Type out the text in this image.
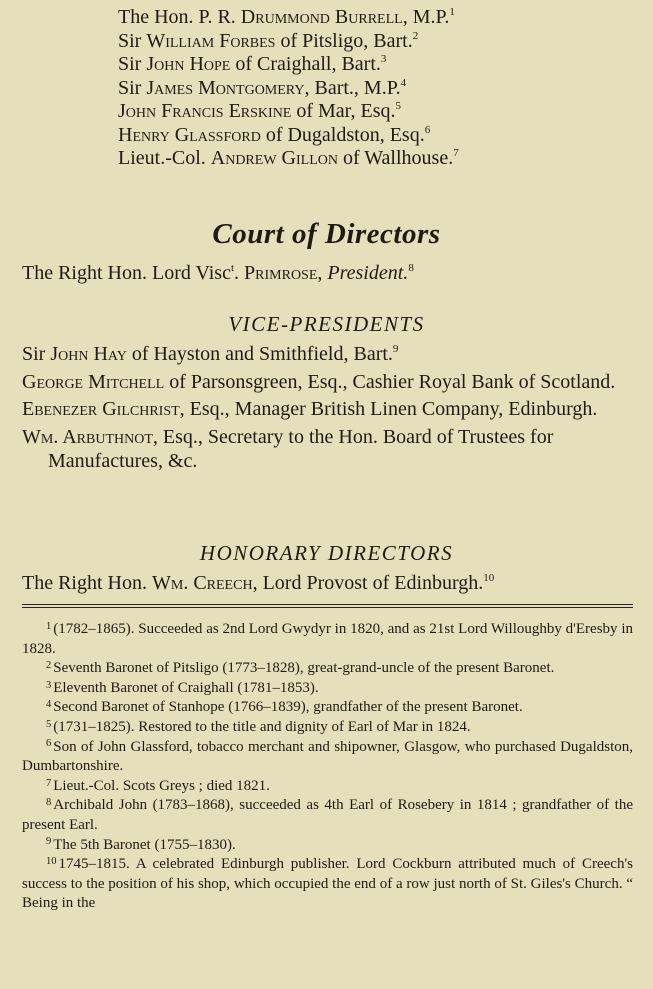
The Hon. P. R. Drummond Burrell, M.P.$^1$
Sir William Forbes of Pitsligo, Bart.$^2$
Sir John Hope of Craighall, Bart.$^3$
Sir James Montgomery, Bart., M.P.$^4$
John Francis Erskine of Mar, Esq.$^5$
Henry Glassford of Dugaldston, Esq.$^6$
Lieut.-Col. Andrew Gillon of Wallhouse.$^7$
Court of Directors
The Right Hon. Lord Visc$^t$. Primrose, President.$^8$
VICE-PRESIDENTS
Sir John Hay of Hayston and Smithfield, Bart.$^9$
George Mitchell of Parsonsgreen, Esq., Cashier Royal Bank of Scotland.
Ebenezer Gilchrist, Esq., Manager British Linen Company, Edinburgh.
Wm. Arbuthnot, Esq., Secretary to the Hon. Board of Trustees for Manufactures, &c.
HONORARY DIRECTORS
The Right Hon. Wm. Creech, Lord Provost of Edinburgh.$^{10}$
$^1$ (1782–1865). Succeeded as 2nd Lord Gwydyr in 1820, and as 21st Lord Willoughby d'Eresby in 1828.
$^2$ Seventh Baronet of Pitsligo (1773–1828), great-grand-uncle of the present Baronet.
$^3$ Eleventh Baronet of Craighall (1781–1853).
$^4$ Second Baronet of Stanhope (1766–1839), grandfather of the present Baronet.
$^5$ (1731–1825). Restored to the title and dignity of Earl of Mar in 1824.
$^6$ Son of John Glassford, tobacco merchant and shipowner, Glasgow, who purchased Dugaldston, Dumbartonshire.
$^7$ Lieut.-Col. Scots Greys ; died 1821.
$^8$ Archibald John (1783–1868), succeeded as 4th Earl of Rosebery in 1814 ; grandfather of the present Earl.
$^9$ The 5th Baronet (1755–1830).
$^{10}$ 1745–1815. A celebrated Edinburgh publisher. Lord Cockburn attributed much of Creech's success to the position of his shop, which occupied the end of a row just north of St. Giles's Church. “ Being in the
